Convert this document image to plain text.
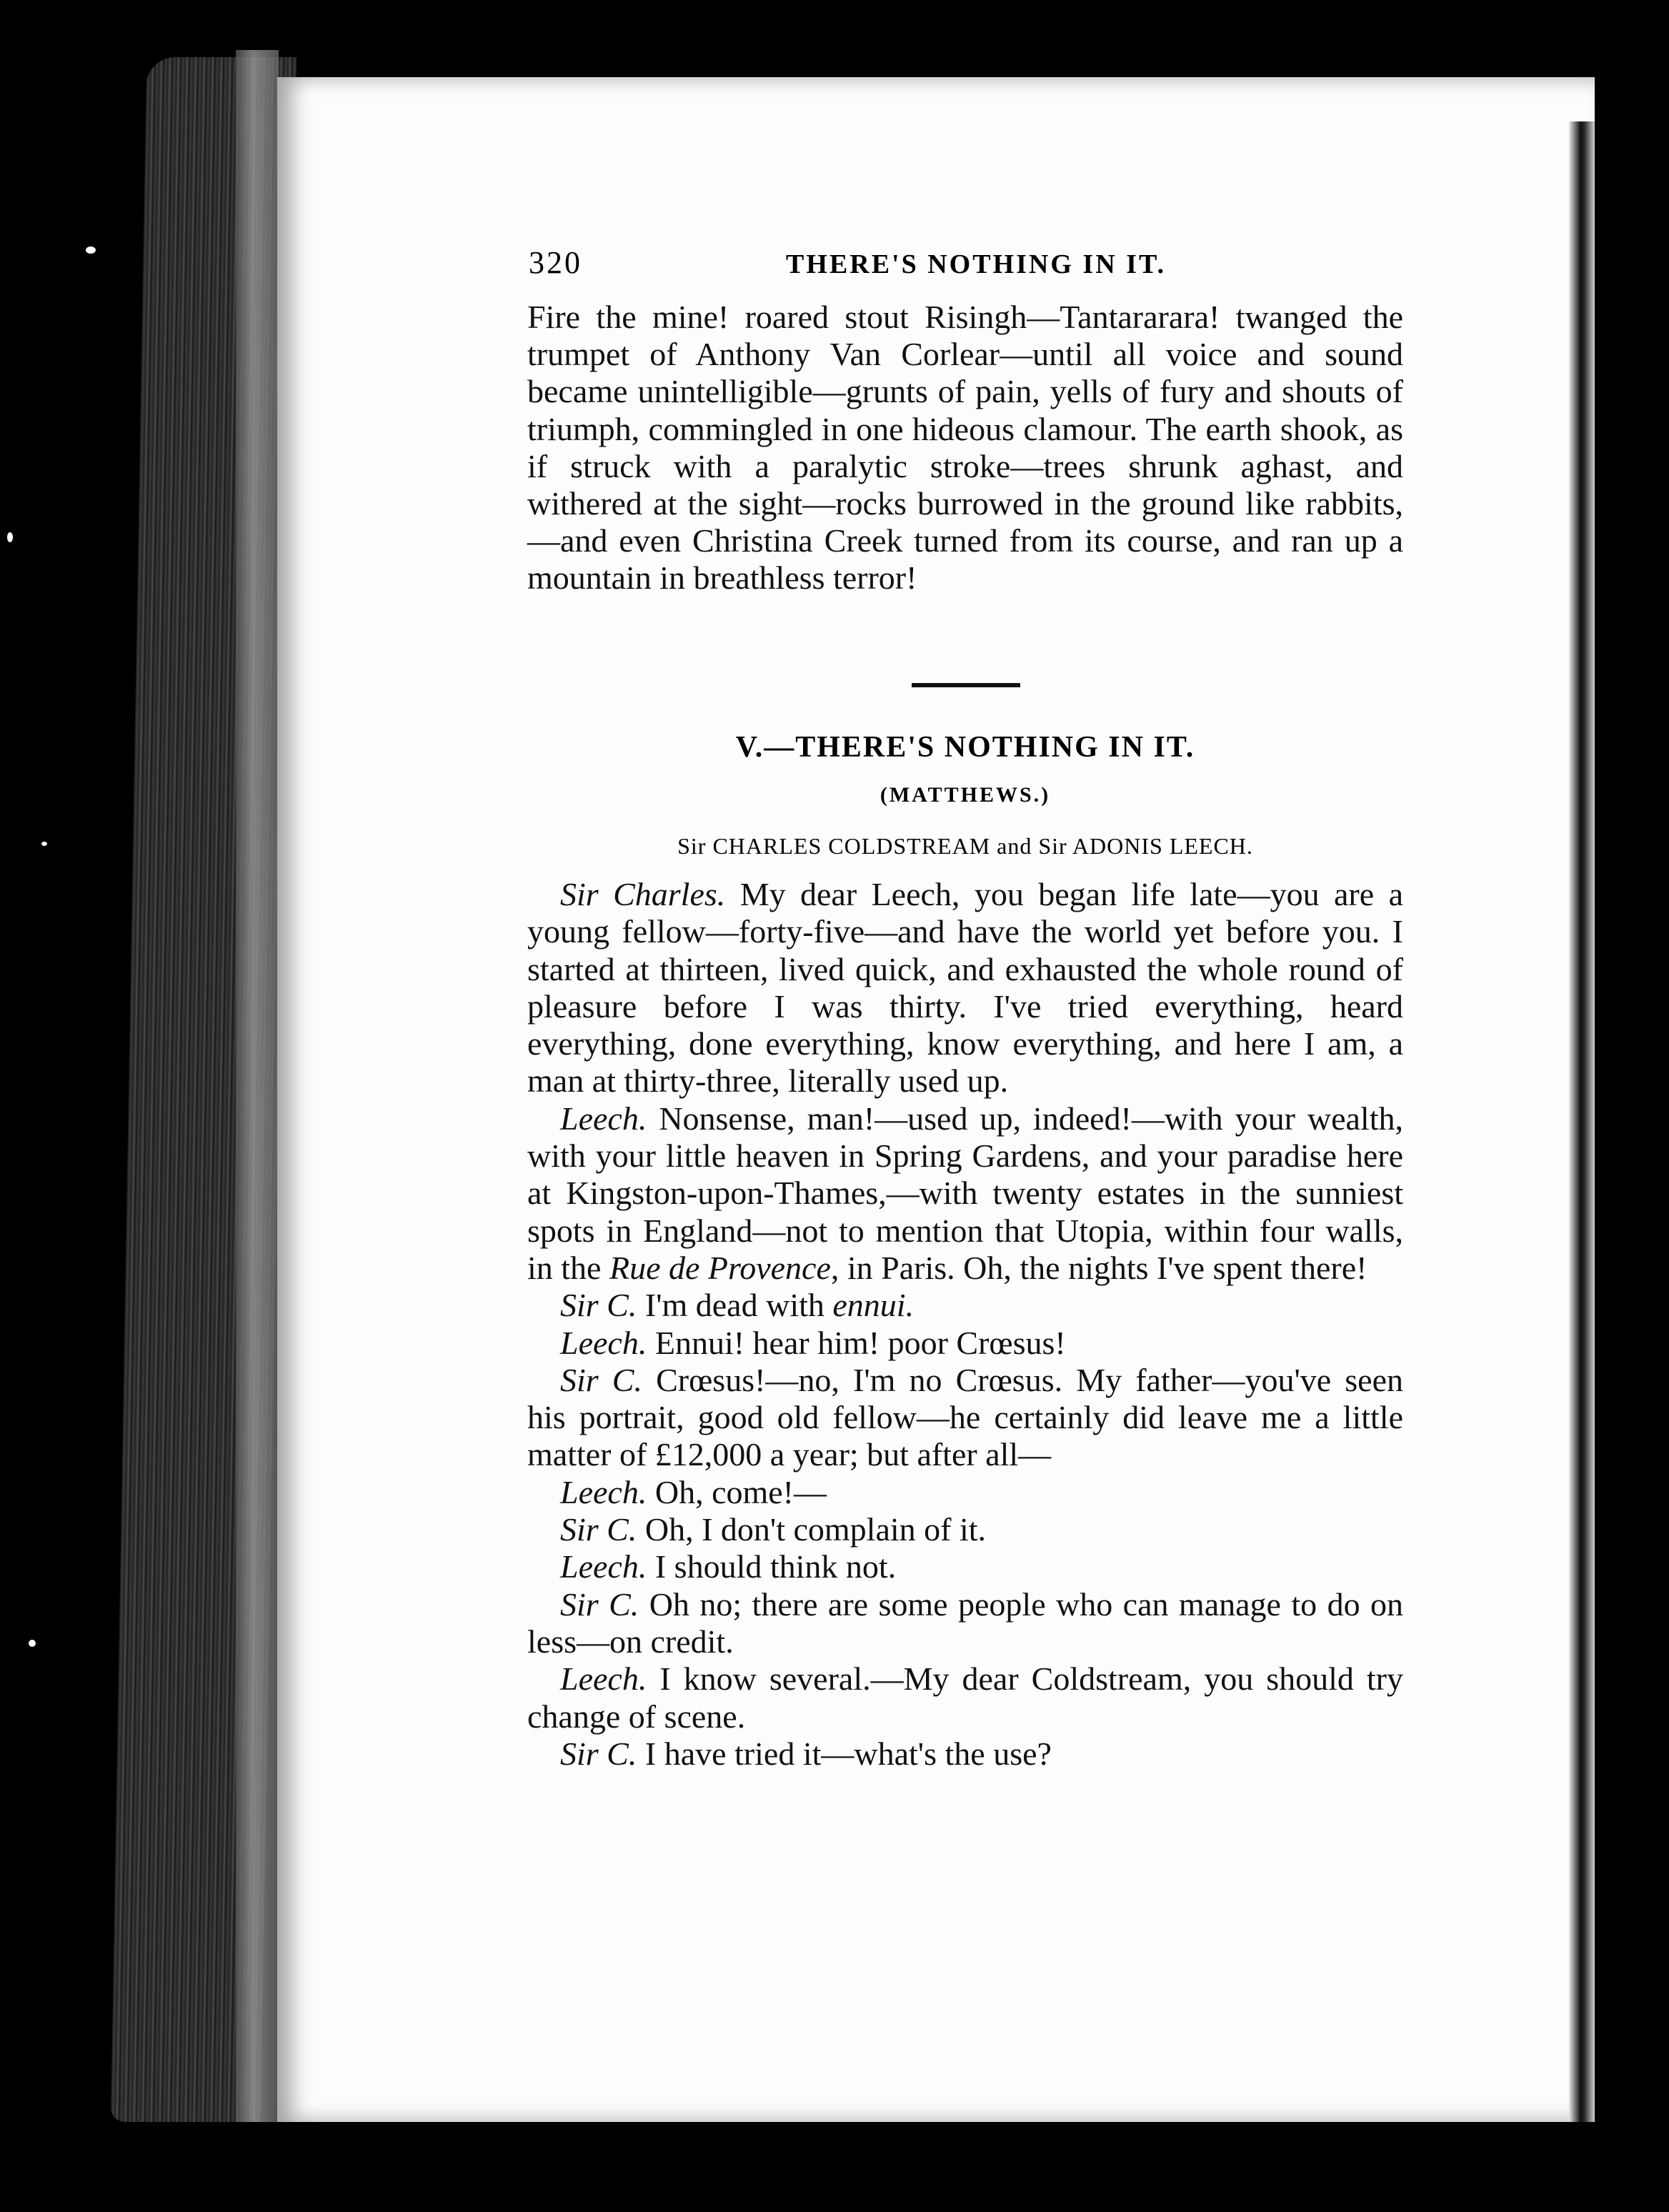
320	THERE'S NOTHING IN IT.

Fire the mine! roared stout Risingh—Tantararara! twanged the trumpet of Anthony Van Corlear—until all voice and sound became unintelligible—grunts of pain, yells of fury and shouts of triumph, commingled in one hideous clamour. The earth shook, as if struck with a paralytic stroke—trees shrunk aghast, and withered at the sight—rocks burrowed in the ground like rabbits,—and even Christina Creek turned from its course, and ran up a mountain in breathless terror!

V.—THERE'S NOTHING IN IT.
(MATTHEWS.)
Sir CHARLES COLDSTREAM and Sir ADONIS LEECH.

Sir Charles. My dear Leech, you began life late—you are a young fellow—forty-five—and have the world yet before you. I started at thirteen, lived quick, and exhausted the whole round of pleasure before I was thirty. I've tried everything, heard everything, done everything, know everything, and here I am, a man at thirty-three, literally used up.

Leech. Nonsense, man!—used up, indeed!—with your wealth, with your little heaven in Spring Gardens, and your paradise here at Kingston-upon-Thames,—with twenty estates in the sunniest spots in England—not to mention that Utopia, within four walls, in the Rue de Provence, in Paris. Oh, the nights I've spent there!

Sir C. I'm dead with ennui.

Leech. Ennui! hear him! poor Crœsus!

Sir C. Crœsus!—no, I'm no Crœsus. My father—you've seen his portrait, good old fellow—he certainly did leave me a little matter of £12,000 a year; but after all—

Leech. Oh, come!—

Sir C. Oh, I don't complain of it.

Leech. I should think not.

Sir C. Oh no; there are some people who can manage to do on less—on credit.

Leech. I know several.—My dear Coldstream, you should try change of scene.

Sir C. I have tried it—what's the use?
